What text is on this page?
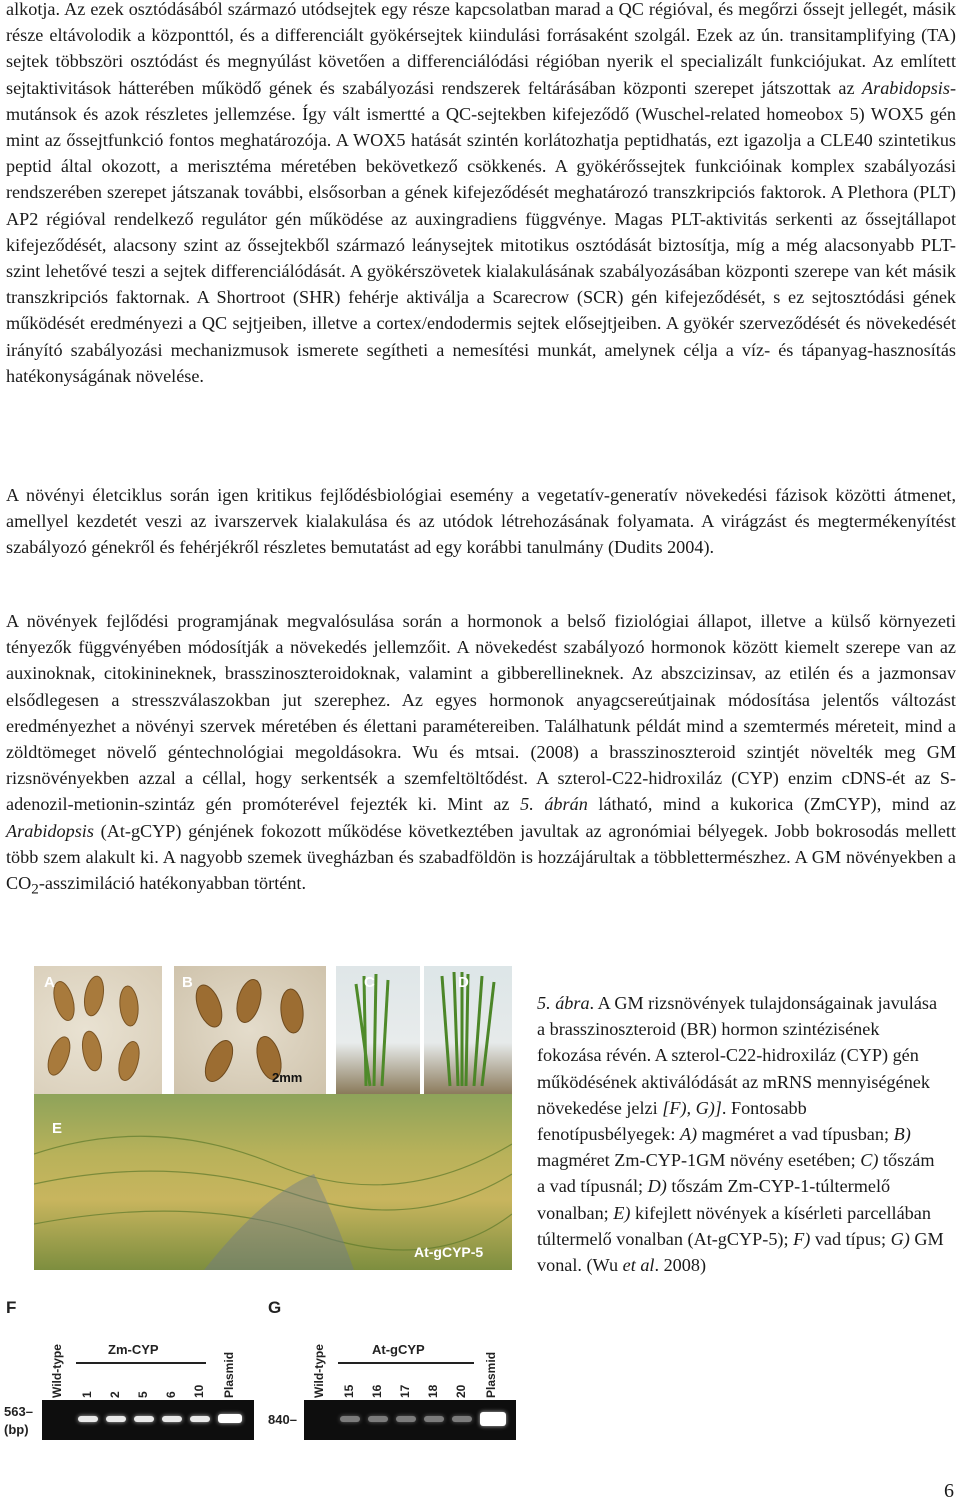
alkotja. Az ezek osztódásából származó utódsejtek egy része kapcsolatban marad a QC régióval, és megőrzi őssejt jellegét, másik része eltávolodik a központtól, és a differenciált gyökérsejtek kiindulási forrásaként szolgál. Ezek az ún. transitamplifying (TA) sejtek többszöri osztódást és megnyúlást követően a differenciálódási régióban nyerik el specializált funkciójukat. Az említett sejtaktivitások hátterében működő gének és szabályozási rendszerek feltárásában központi szerepet játszottak az Arabidopsis-mutánsok és azok részletes jellemzése. Így vált ismertté a QC-sejtekben kifejeződő (Wuschel-related homeobox 5) WOX5 gén mint az őssejtfunkció fontos meghatározója. A WOX5 hatását szintén korlátozhatja peptidhatás, ezt igazolja a CLE40 szintetikus peptid által okozott, a merisztéma méretében bekövetkező csökkenés. A gyökérőssejtek funkcióinak komplex szabályozási rendszerében szerepet játszanak további, elsősorban a gének kifejeződését meghatározó transzkripciós faktorok. A Plethora (PLT) AP2 régióval rendelkező regulátor gén működése az auxingradiens függvénye. Magas PLT-aktivitás serkenti az őssejtállapot kifejeződését, alacsony szint az őssejtekből származó leánysejtek mitotikus osztódását biztosítja, míg a még alacsonyabb PLT-szint lehetővé teszi a sejtek differenciálódását. A gyökérszövetek kialakulásának szabályozásában központi szerepe van két másik transzkripciós faktornak. A Shortroot (SHR) fehérje aktiválja a Scarecrow (SCR) gén kifejeződését, s ez sejtosztódási gének működését eredményezi a QC sejtjeiben, illetve a cortex/endodermis sejtek elősejtjeiben. A gyökér szerveződését és növekedését irányító szabályozási mechanizmusok ismerete segítheti a nemesítési munkát, amelynek célja a víz- és tápanyag-hasznosítás hatékonyságának növelése.

A növényi életciklus során igen kritikus fejlődésbiológiai esemény a vegetatív-generatív növekedési fázisok közötti átmenet, amellyel kezdetét veszi az ivarszervek kialakulása és az utódok létrehozásának folyamata. A virágzást és megtermékenyítést szabályozó génekről és fehérjékről részletes bemutatást ad egy korábbi tanulmány (Dudits 2004).

A növények fejlődési programjának megvalósulása során a hormonok a belső fiziológiai állapot, illetve a külső környezeti tényezők függvényében módosítják a növekedés jellemzőit. A növekedést szabályozó hormonok között kiemelt szerepe van az auxinoknak, citokinineknek, brasszinoszteroidoknak, valamint a gibberellineknek. Az abszcizinsav, az etilén és a jazmonsav elsődlegesen a stresszválaszokban jut szerephez. Az egyes hormonok anyagcsereútjainak módosítása jelentős változást eredményezhet a növényi szervek méretében és élettani paramétereiben. Találhatunk példát mind a szemtermés méreteit, mind a zöldtömeget növelő géntechnológiai megoldásokra. Wu és mtsai. (2008) a brasszinoszteroid szintjét növelték meg GM rizsnövényekben azzal a céllal, hogy serkentsék a szemfeltöltődést. A szterol-C22-hidroxiláz (CYP) enzim cDNS-ét az S-adenozil-metionin-szintáz gén promóterével fejezték ki. Mint az 5. ábrán látható, mind a kukorica (ZmCYP), mind az Arabidopsis (At-gCYP) génjének fokozott működése következtében javultak az agronómiai bélyegek. Jobb bokrosodás mellett több szem alakult ki. A nagyobb szemek üvegházban és szabadföldön is hozzájárultak a többlettermészhez. A GM növényekben a $CO_2$-asszimiláció hatékonyabban történt.

A	B
2mm
C	D
E
At-gCYP-5
F
Zm-CYP
Wild-type 1 2 5 6 10 Plasmid
563–
(bp)
G
At-gCYP
Wild-type 15 16 17 18 20 Plasmid
840–

5. ábra. A GM rizsnövények tulajdonságainak javulása a brasszinoszteroid (BR) hormon szintézisének fokozása révén. A szterol-C22-hidroxiláz (CYP) gén működésének aktiválódását az mRNS mennyiségének növekedése jelzi [F), G)]. Fontosabb fenotípusbélyegek: A) magméret a vad típusban; B) magméret Zm-CYP-1GM növény esetében; C) tőszám a vad típusnál; D) tőszám Zm-CYP-1-túltermelő vonalban; E) kifejlett növények a kísérleti parcellában túltermelő vonalban (At-gCYP-5); F) vad típus; G) GM vonal. (Wu et al. 2008)

6
